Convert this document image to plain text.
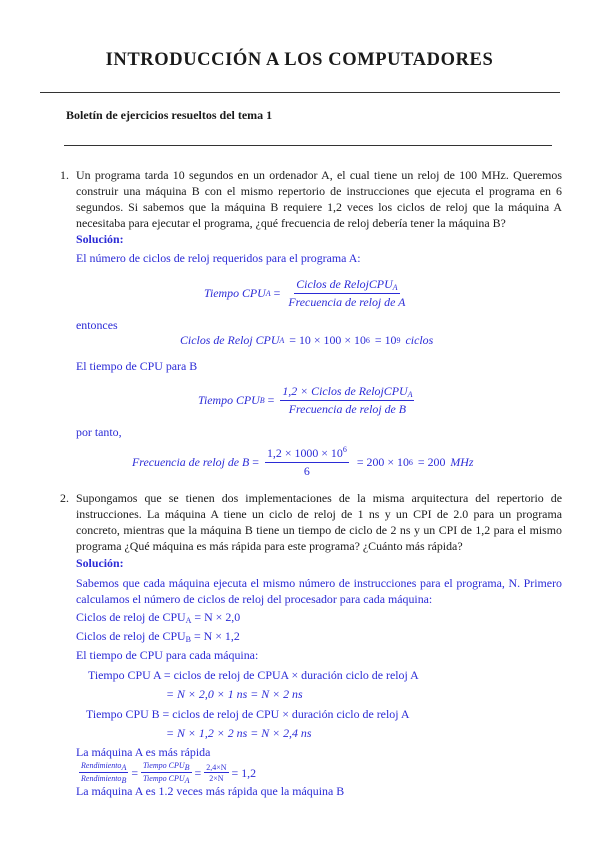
INTRODUCCIÓN A LOS COMPUTADORES
Boletín de ejercicios resueltos del tema 1
1. Un programa tarda 10 segundos en un ordenador A, el cual tiene un reloj de 100 MHz. Queremos construir una máquina B con el mismo repertorio de instrucciones que ejecuta el programa en 6 segundos. Si sabemos que la máquina B requiere 1,2 veces los ciclos de reloj que la máquina A necesitaba para ejecutar el programa, ¿qué frecuencia de reloj debería tener la máquina B?
Solución:
El número de ciclos de reloj requeridos para el programa A:
Tiempo CPU $A = \frac{Ciclos de RelojCPU_A}{\text{Frecuencia de reloj de A}}$
entonces
Ciclos de Reloj CPU A = 10 × 100 × 10 6 = 10 9 ciclos
El tiempo de CPU para B
Tiempo CPU $B = \frac{1,2 \times Ciclos de RelojCPU_A}{\text{Frecuencia de reloj de B}}$
por tanto,
Frecuencia de reloj de $B = \frac{1,2 \times 1000 \times 10^6}{6} = 200 \times 10$ 6 = 200 MHz
2. Supongamos que se tienen dos implementaciones de la misma arquitectura del repertorio de instrucciones. La máquina A tiene un ciclo de reloj de 1 ns y un CPI de 2.0 para un programa concreto, mientras que la máquina B tiene un tiempo de ciclo de 2 ns y un CPI de 1,2 para el mismo programa ¿Qué máquina es más rápida para este programa? ¿Cuánto más rápida?
Solución:
Sabemos que cada máquina ejecuta el mismo número de instrucciones para el programa, N. Primero calculamos el número de ciclos de reloj del procesador para cada máquina:
Ciclos de reloj de $CPU_A = N \times 2,0$
Ciclos de reloj de $CPU_B = N \times 1,2$
El tiempo de CPU para cada máquina:
Tiempo CPU A = ciclos de reloj de CPUA × duración ciclo de reloj A
= N × 2,0 × 1 ns = N × 2 ns
Tiempo CPU B = ciclos de reloj de CPU × duración ciclo de reloj A
= N × 1,2 × 2 ns = N × 2,4 ns
La máquina A es más rápida
$\frac{Rendimiento_A}{Rendimiento_B} = \frac{Tiempo CPU_B}{Tiempo CPU_A} = \frac{2,4\times N}{2\times N} = 1,2$
La máquina A es 1.2 veces más rápida que la máquina B
